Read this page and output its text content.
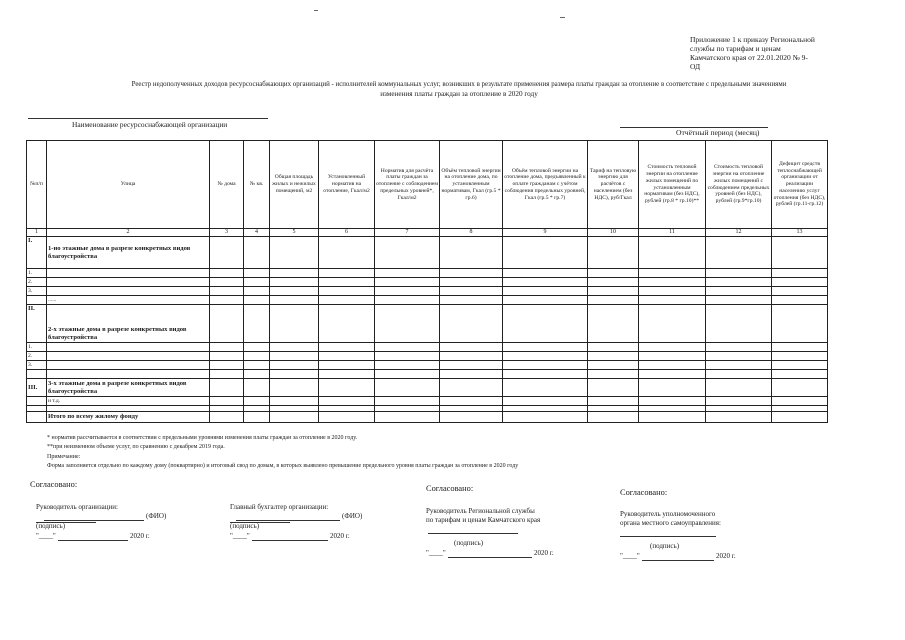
Приложение 1 к приказу Региональной
службы по тарифам и ценам
Камчатского края от 22.01.2020 № 9-
ОД
Реестр недополученных доходов ресурсоснабжающих организаций - исполнителей коммунальных услуг, возникших в результате применения размера платы граждан за отопление в соответствие с предельными значениями
изменения платы граждан за отопление в 2020 году
Наименование ресурсоснабжающей организации
Отчётный период (месяц)
№п/п	Улица	№ дома	№ кв.	Общая площадь жилых и нежилых помещений, м2	Установленный норматив на отопление, Гкал/м2	Норматив для расчёта платы граждан за отопление с соблюдением предельных уровней*, Гкал/м2	Объём тепловой энергии на отопление дома, по установленным нормативам, Гкал (гр.5 * гр.6)	Объём тепловой энергии на отопление дома, предъявленный к оплате гражданам с учётом соблюдения предельных уровней, Гкал (гр.5 * гр.7)	Тариф на тепловую энергию для расчётов с населением (без НДС), руб/Гкал	Стоимость тепловой энергии на отопление жилых помещений по установленным нормативам (без НДС), рублей (гр.8 * гр.10)**	Стоимость тепловой энергии на отопление жилых помещений с соблюдением предельных уровней (без НДС), рублей (гр.9*гр.10)	Дефицит средств теплоснабжающей организации от реализации населению услуг отопления (без НДС), рублей (гр.11-гр.12)
1	2	3	4	5	6	7	8	9	10	11	12	13
I.	1-но этажные дома в разрезе конкретных видов благоустройства											
1.												
2.												
3.												
	......											
II.	2-х этажные дома в разрезе конкретных видов благоустройства											
1.												
2.												
3.												

III.	3-х этажные дома в разрезе конкретных видов благоустройства											
	и т.д.											

	Итого по всему жилому фонду											
* норматив рассчитывается в соответствии с предельными уровнями изменения платы граждан за отопление в 2020 году.
**при неизменном объеме услуг, по сравнению с декабрем 2019 года.
Примечание:
Форма заполняется отдельно по каждому дому (поквартирно) и итоговый свод по домам, в которых выявлено превышение предельного уровня платы граждан за отопление в 2020 году
Согласовано:
Руководитель организации:
(ФИО)
(подпись)
"____"	2020 г.
Главный бухгалтер организации:
(ФИО)
(подпись)
"____"	2020 г.
Согласовано:
Руководитель Региональной службы
по тарифам и ценам Камчатского края
(подпись)
"____"	2020 г.
Согласовано:
Руководитель уполномоченного
органа местного самоуправления:
(подпись)
"____"	2020 г.
